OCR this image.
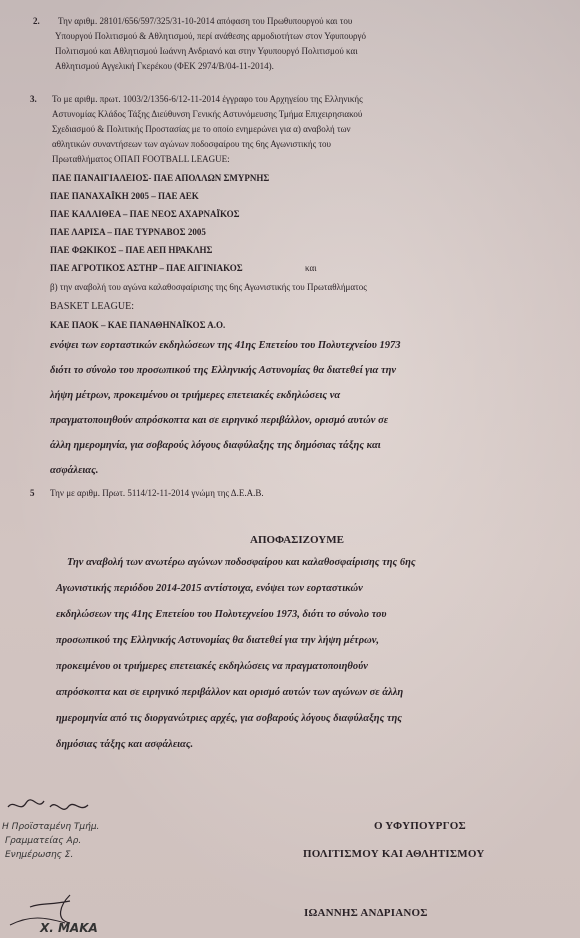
2. Την αριθμ. 28101/656/597/325/31-10-2014 απόφαση του Πρωθυπουργού και του
Υπουργού Πολιτισμού & Αθλητισμού, περί ανάθεσης αρμοδιοτήτων στον Υφυπουργό
Πολιτισμού και Αθλητισμού Ιωάννη Ανδριανό και στην Υφυπουργό Πολιτισμού και
Αθλητισμού Αγγελική Γκερέκου (ΦΕΚ 2974/Β/04-11-2014).
3. Το με αριθμ. πρωτ. 1003/2/1356-6/12-11-2014 έγγραφο του Αρχηγείου της Ελληνικής
Αστυνομίας Κλάδος Τάξης Διεύθυνση Γενικής Αστυνόμευσης Τμήμα Επιχειρησιακού
Σχεδιασμού & Πολιτικής Προστασίας με το οποίο ενημερώνει για α) αναβολή των
αθλητικών συναντήσεων των αγώνων ποδοσφαίρου της 6ης Αγωνιστικής του
Πρωταθλήματος ΟΠΑΠ FOOTBALL LEAGUE:
ΠΑΕ ΠΑΝΑΙΓΙΑΛΕΙΟΣ- ΠΑΕ ΑΠΟΛΛΩΝ ΣΜΥΡΝΗΣ
ΠΑΕ ΠΑΝΑΧΑΪΚΗ 2005 – ΠΑΕ ΑΕΚ
ΠΑΕ ΚΑΛΛΙΘΕΑ – ΠΑΕ ΝΕΟΣ ΑΧΑΡΝΑΪΚΟΣ
ΠΑΕ ΛΑΡΙΣΑ – ΠΑΕ ΤΥΡΝΑΒΟΣ 2005
ΠΑΕ ΦΩΚΙΚΟΣ – ΠΑΕ ΑΕΠ ΗΡΑΚΛΗΣ
ΠΑΕ ΑΓΡΟΤΙΚΟΣ ΑΣΤΗΡ – ΠΑΕ ΑΙΓΙΝΙΑΚΟΣ	και
β) την αναβολή του αγώνα καλαθοσφαίρισης της 6ης Αγωνιστικής του Πρωταθλήματος
BASKET LEAGUE:
ΚΑΕ ΠΑΟΚ – ΚΑΕ ΠΑΝΑΘΗΝΑΪΚΟΣ Α.Ο.
ενόψει των εορταστικών εκδηλώσεων της 41ης Επετείου του Πολυτεχνείου 1973
διότι το σύνολο του προσωπικού της Ελληνικής Αστυνομίας θα διατεθεί για την
λήψη μέτρων, προκειμένου οι τριήμερες επετειακές εκδηλώσεις να
πραγματοποιηθούν απρόσκοπτα και σε ειρηνικό περιβάλλον, ορισμό αυτών σε
άλλη ημερομηνία, για σοβαρούς λόγους διαφύλαξης της δημόσιας τάξης και
ασφάλειας.
5 Την με αριθμ. Πρωτ. 5114/12-11-2014 γνώμη της Δ.Ε.Α.Β.
ΑΠΟΦΑΣΙΖΟΥΜΕ
Την αναβολή των ανωτέρω αγώνων ποδοσφαίρου και καλαθοσφαίρισης της 6ης
Αγωνιστικής περιόδου 2014-2015 αντίστοιχα, ενόψει των εορταστικών
εκδηλώσεων της 41ης Επετείου του Πολυτεχνείου 1973, διότι το σύνολο του
προσωπικού της Ελληνικής Αστυνομίας θα διατεθεί για την λήψη μέτρων,
προκειμένου οι τριήμερες επετειακές εκδηλώσεις να πραγματοποιηθούν
απρόσκοπτα και σε ειρηνικό περιβάλλον και ορισμό αυτών των αγώνων σε άλλη
ημερομηνία από τις διοργανώτριες αρχές, για σοβαρούς λόγους διαφύλαξης της
δημόσιας τάξης και ασφάλειας.
Ο ΥΦΥΠΟΥΡΓΟΣ
ΠΟΛΙΤΙΣΜΟΥ ΚΑΙ ΑΘΛΗΤΙΣΜΟΥ
ΙΩΑΝΝΗΣ ΑΝΔΡΙΑΝΟΣ
Η Προϊσταμένη Τμήμ.
Γραμματείας Αρ.
Ενημέρωσης Σ.
Χ. ΜΑΚΑ
